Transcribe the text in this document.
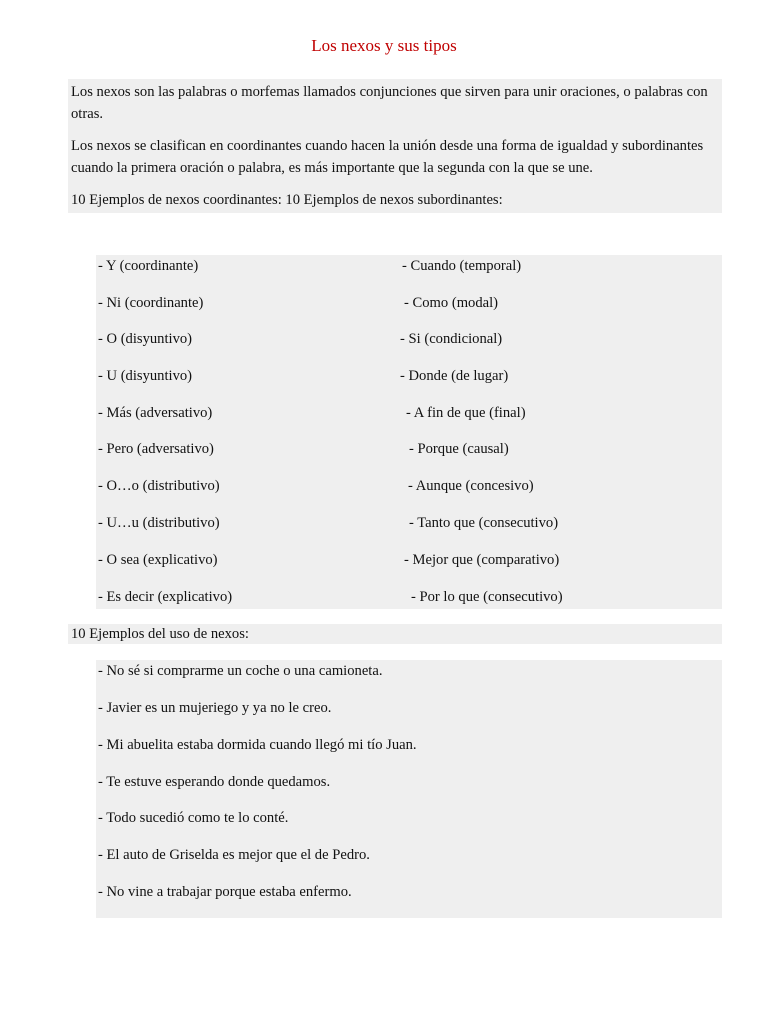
Los nexos y sus tipos

Los nexos son las palabras o morfemas llamados conjunciones que sirven para unir oraciones, o palabras con otras.

Los nexos se clasifican en coordinantes cuando hacen la unión desde una forma de igualdad y subordinantes cuando la primera oración o palabra, es más importante que la segunda con la que se une.

10 Ejemplos de nexos coordinantes: 10 Ejemplos de nexos subordinantes:

- Y (coordinante)	- Cuando (temporal)
- Ni (coordinante)	- Como (modal)
- O (disyuntivo)	- Si (condicional)
- U (disyuntivo)	- Donde (de lugar)
- Más (adversativo)	- A fin de que (final)
- Pero (adversativo)	- Porque (causal)
- O…o (distributivo)	- Aunque (concesivo)
- U…u (distributivo)	- Tanto que (consecutivo)
- O sea (explicativo)	- Mejor que (comparativo)
- Es decir (explicativo)	- Por lo que (consecutivo)
10 Ejemplos del uso de nexos:
- No sé si comprarme un coche o una camioneta.
- Javier es un mujeriego y ya no le creo.
- Mi abuelita estaba dormida cuando llegó mi tío Juan.
- Te estuve esperando donde quedamos.
- Todo sucedió como te lo conté.
- El auto de Griselda es mejor que el de Pedro.
- No vine a trabajar porque estaba enfermo.
